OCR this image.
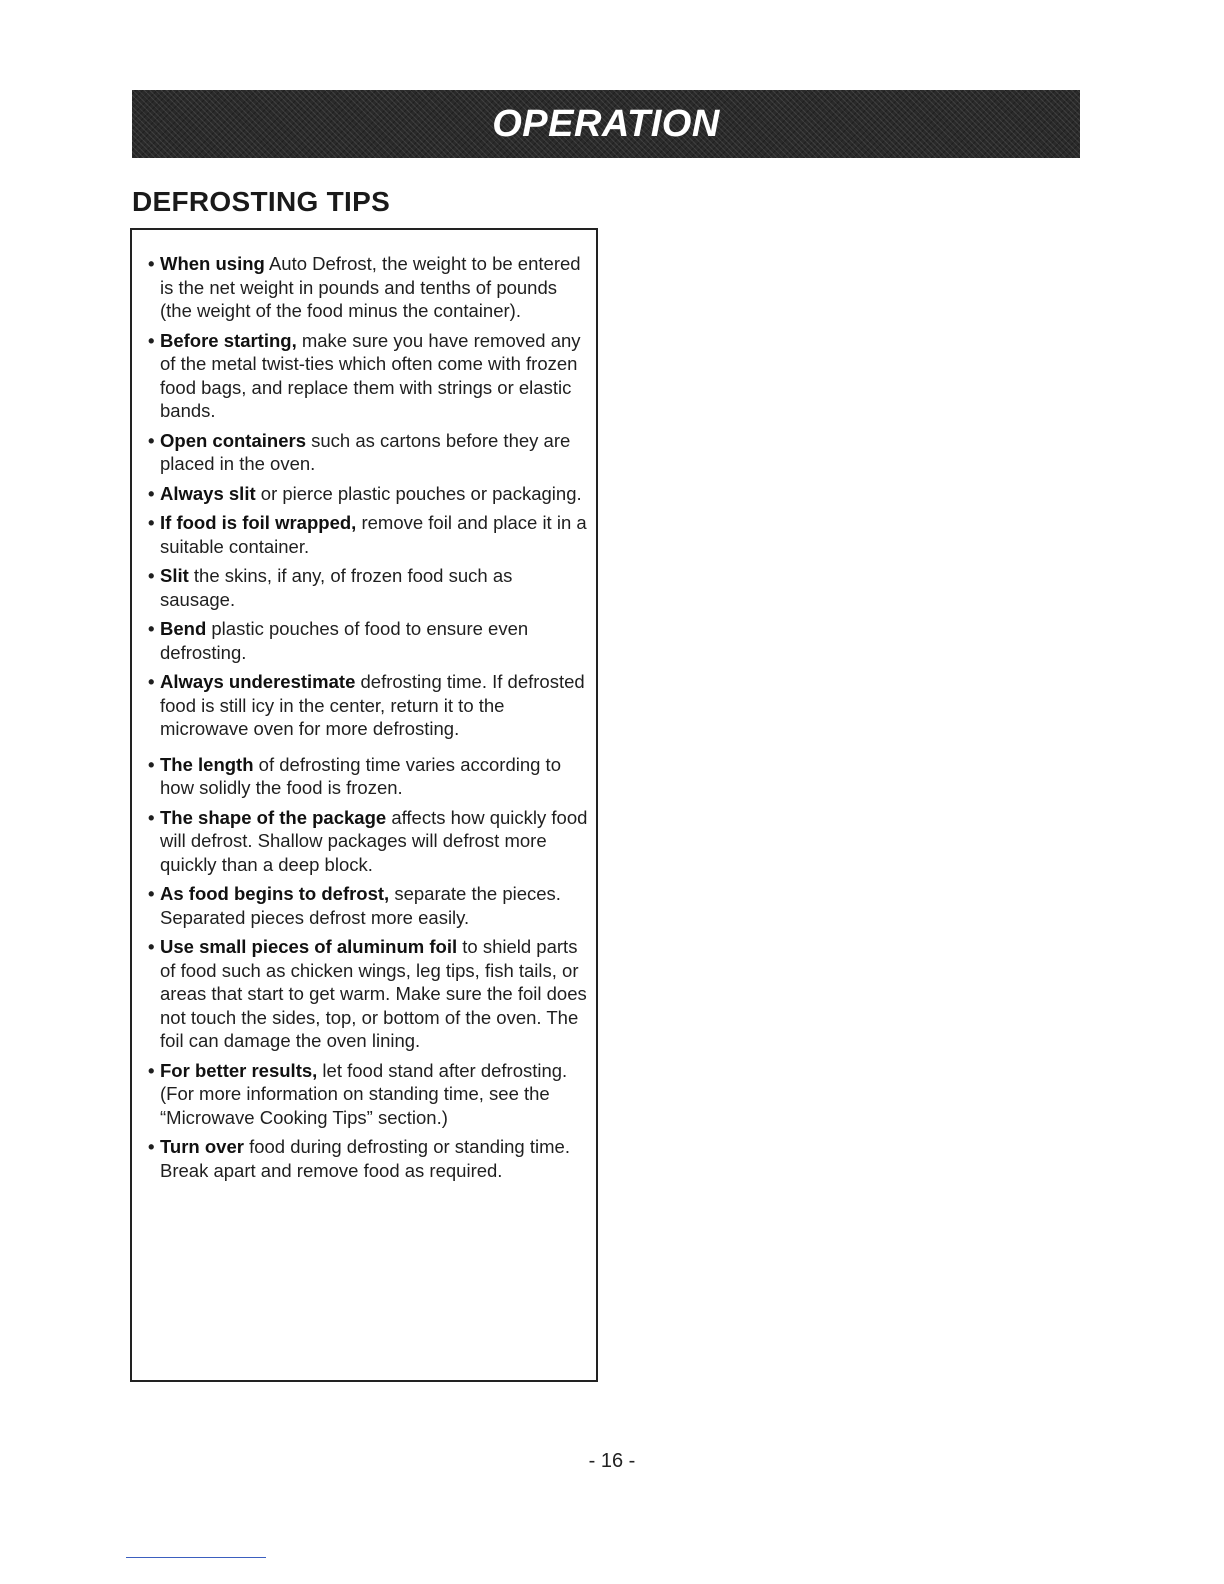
OPERATION
DEFROSTING TIPS
• When using Auto Defrost, the weight to be entered is the net weight in pounds and tenths of pounds (the weight of the food minus the container).
• Before starting, make sure you have removed any of the metal twist-ties which often come with frozen food bags, and replace them with strings or elastic bands.
• Open containers such as cartons before they are placed in the oven.
• Always slit or pierce plastic pouches or packaging.
• If food is foil wrapped, remove foil and place it in a suitable container.
• Slit the skins, if any, of frozen food such as sausage.
• Bend plastic pouches of food to ensure even defrosting.
• Always underestimate defrosting time. If defrosted food is still icy in the center, return it to the microwave oven for more defrosting.
• The length of defrosting time varies according to how solidly the food is frozen.
• The shape of the package affects how quickly food will defrost. Shallow packages will defrost more quickly than a deep block.
• As food begins to defrost, separate the pieces. Separated pieces defrost more easily.
• Use small pieces of aluminum foil to shield parts of food such as chicken wings, leg tips, fish tails, or areas that start to get warm. Make sure the foil does not touch the sides, top, or bottom of the oven. The foil can damage the oven lining.
• For better results, let food stand after defrosting. (For more information on standing time, see the “Microwave Cooking Tips” section.)
• Turn over food during defrosting or standing time. Break apart and remove food as required.
- 16 -
